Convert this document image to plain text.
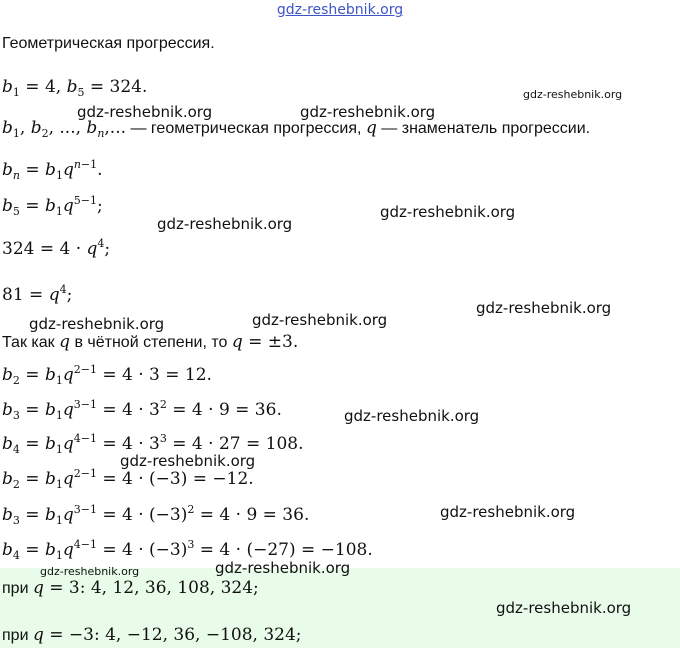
gdz-reshebnik.org
Геометрическая прогрессия.
$b_1 = 4$, $b_5 = 324$.
$b_1$, $b_2$, ..., $b_n$,... — геометрическая прогрессия, q — знаменатель прогрессии.
$b_n = b_1q^{n-1}$.
$b_5 = b_1q^{5-1}$;
$324 = 4 \cdot q^4$;
$81 = q^4$;
Так как q в чётной степени, то q = ±3.
$b_2 = b_1q^{2-1} = 4 \cdot 3 = 12$.
$b_3 = b_1q^{3-1} = 4 \cdot 3^2 = 4 \cdot 9 = 36$.
$b_4 = b_1q^{4-1} = 4 \cdot 3^3 = 4 \cdot 27 = 108$.
$b_2 = b_1q^{2-1} = 4 \cdot (-3) = -12$.
$b_3 = b_1q^{3-1} = 4 \cdot (-3)^2 = 4 \cdot 9 = 36$.
$b_4 = b_1q^{4-1} = 4 \cdot (-3)^3 = 4 \cdot (-27) = -108$.
при q = 3: 4, 12, 36, 108, 324;
при q = −3: 4, −12, 36, −108, 324;
gdz-reshebnik.org
gdz-reshebnik.org	gdz-reshebnik.org
gdz-reshebnik.org
gdz-reshebnik.org
gdz-reshebnik.org
gdz-reshebnik.org
gdz-reshebnik.org
gdz-reshebnik.org
gdz-reshebnik.org
gdz-reshebnik.org
gdz-reshebnik.org	gdz-reshebnik.org
gdz-reshebnik.org
